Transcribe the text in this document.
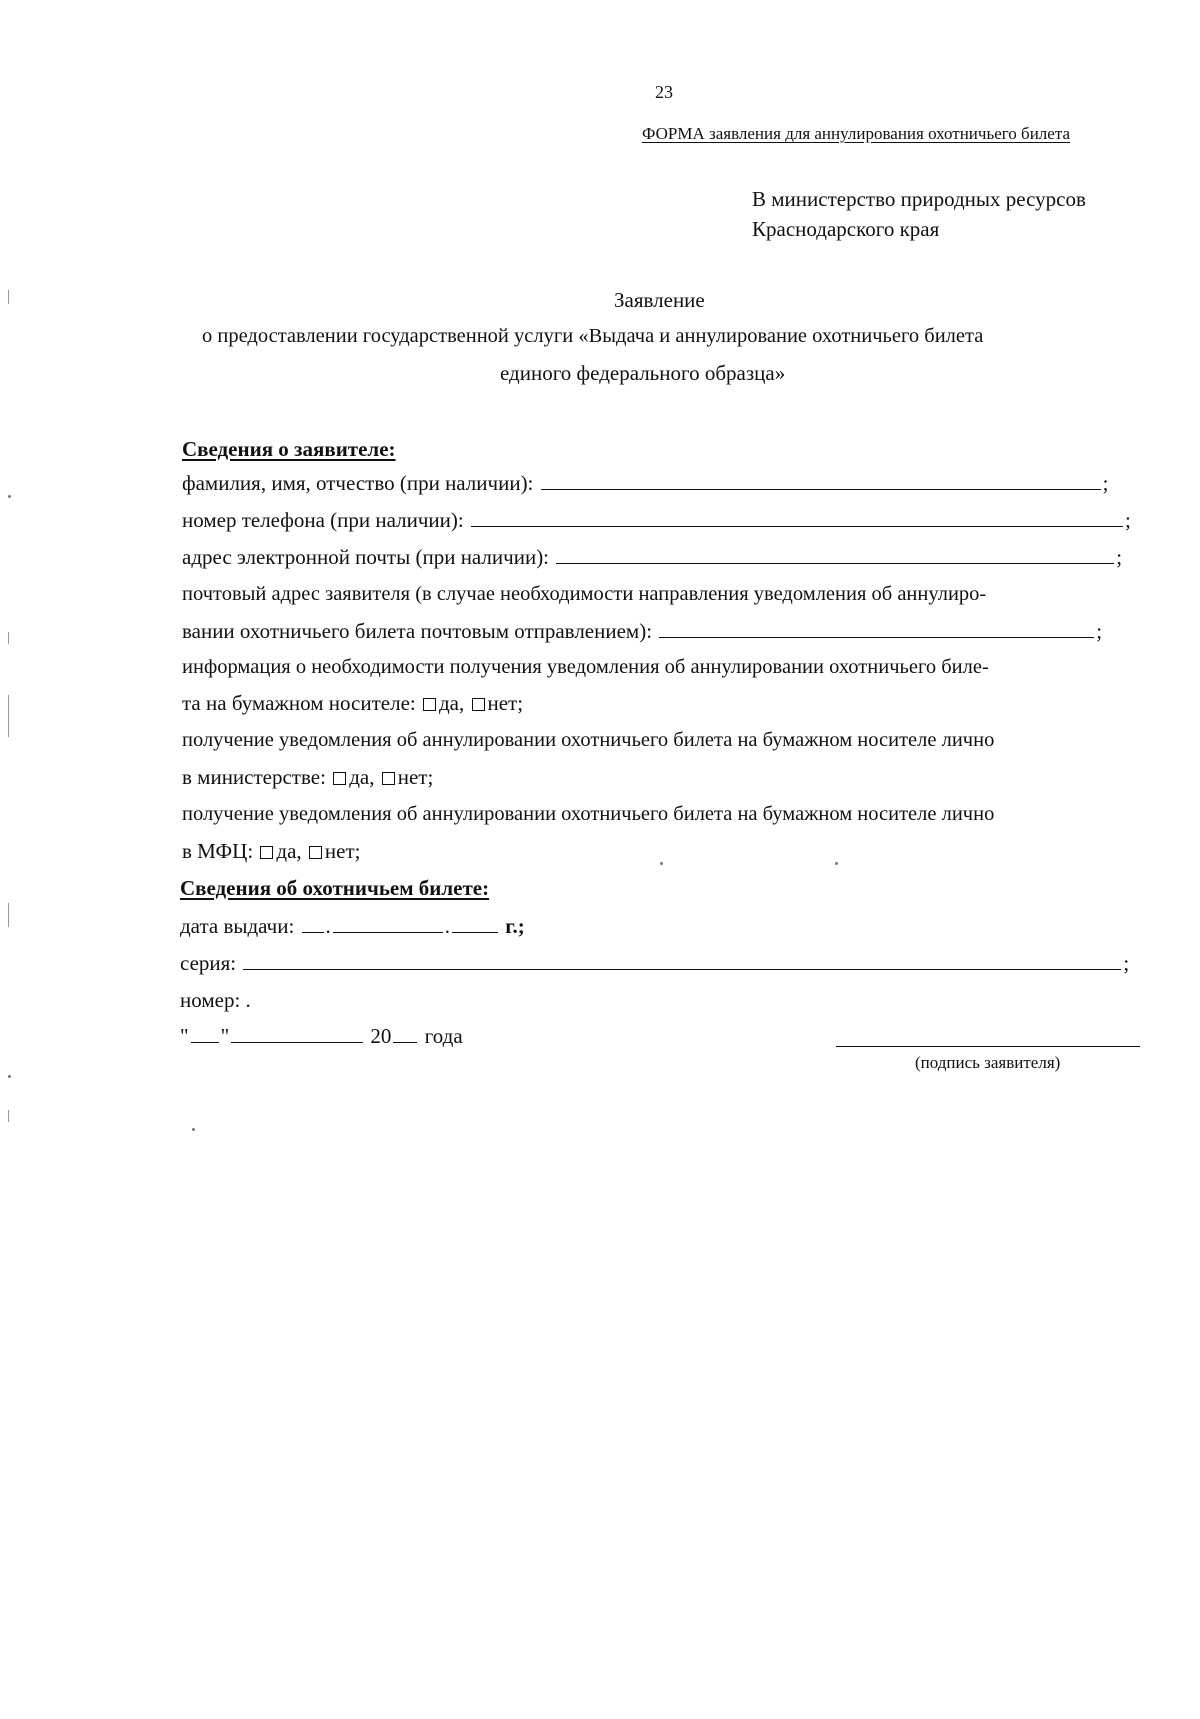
23
ФОРМА заявления для аннулирования охотничьего билета
В министерство природных ресурсов
Краснодарского края
Заявление
о предоставлении государственной услуги «Выдача и аннулирование охотничьего билета
единого федерального образца»
Сведения о заявителе:
фамилия, имя, отчество (при наличии):	;
номер телефона (при наличии):	;
адрес электронной почты (при наличии):	;
почтовый адрес заявителя (в случае необходимости направления уведомления об аннулиро-
вании охотничьего билета почтовым отправлением):	;
информация о необходимости получения уведомления об аннулировании охотничьего биле-
та на бумажном носителе: да, нет;
получение уведомления об аннулировании охотничьего билета на бумажном носителе лично
в министерстве: да, нет;
получение уведомления об аннулировании охотничьего билета на бумажном носителе лично
в МФЦ: да, нет;
Сведения об охотничьем билете:
дата выдачи: .	.	г.;
серия:	;
номер: .
" "	20 года
(подпись заявителя)
